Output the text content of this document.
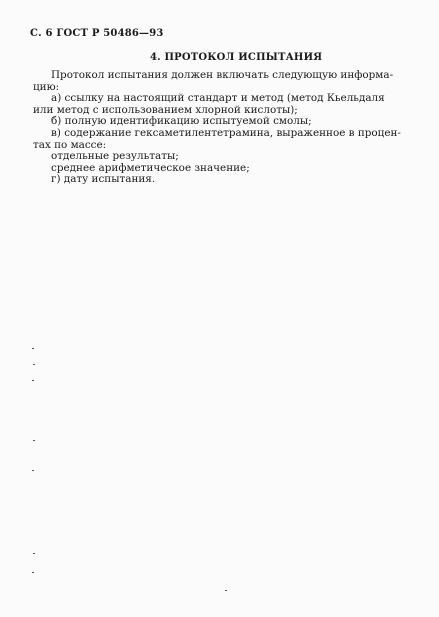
С. 6 ГОСТ Р 50486—93
4. ПРОТОКОЛ ИСПЫТАНИЯ
Протокол испытания должен включать следующую информа-
цию:
а) ссылку на настоящий стандарт и метод (метод Кьельдаля
или метод с использованием хлорной кислоты);
б) полную идентификацию испытуемой смолы;
в) содержание гексаметилентетрамина, выраженное в процен-
тах по массе:
отдельные результаты;
среднее арифметическое значение;
г) дату испытания.
